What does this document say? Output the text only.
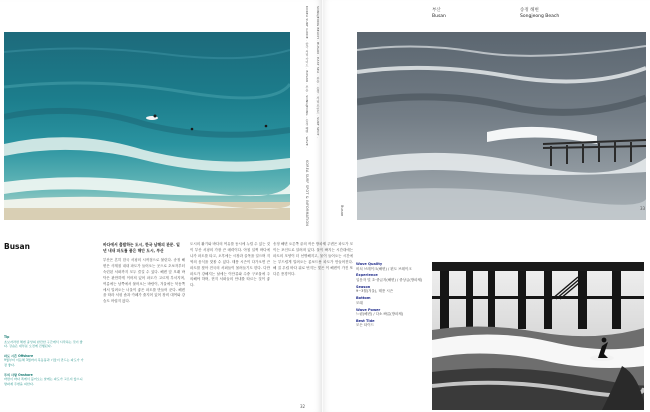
KOREA SURF GUIDE · 한국 서핑 가이드 · BUSAN · 부산 · SONGJEONG · 송정 해변 · WAVE · SONGJEONG BEACH · BUSAN · EAST SEA · 부산 · 송정 · 서핑 포인트 · SURF SPOT ·
KOREA SURF SPOT & INFORMATION	Busan
32
33
부산
Busan
송정 해변
Songjeong Beach
Busan	바다에서 출발하는 도시, 한국 남해의 관문. 일 년 내내 파도를 품은 해안 도시, 부산
부산은 흔히 한국 서핑의 시작점으로 불린다. 송정 해변은 사계절 내내 파도가 들어오는 곳으로 초보자부터 숙련된 서퍼까지 모두 즐길 수 있다. 해변 앞 모래 바닥은 완만하게 이어져 있어 파도가 고르게 부서지며, 여름에는 남쪽에서 불어오는 바람이, 겨울에는 북동쪽에서 밀려오는 너울이 좋은 파도를 만들어 준다. 해변을 따라 서핑 숍과 카페가 줄지어 있어 장비 대여와 강습도 어렵지 않다.
도시의 활기와 바다의 여유를 동시에 누릴 수 있는 것이 부산 서핑의 가장 큰 매력이다. 아침 일찍 바다에 나가 파도를 타고, 오후에는 시장과 골목을 걸으며 지역의 음식을 맛볼 수 있다. 태풍 시즌이 다가오면 큰 파도를 찾아 전국의 서퍼들이 몰려들기도 한다. 다만 파도가 강해지는 날에는 이안류와 수중 구조물에 주의해야 하며, 현지 서퍼들의 안내를 따르는 것이 좋다.
송정 해변 오른쪽 끝의 작은 방파제 주변은 파도가 모이는 포인트로 알려져 있다. 물이 빠지는 시간대에는 파도의 모양이 더 선명해지고, 물이 들어오는 시간에는 부드럽게 밀려오는 롱보드용 파도가 만들어진다. 해 질 무렵 바다 위로 번지는 빛은 이 해변이 가진 또 다른 풍경이다.
Tip
초보자라면 해변 중앙의 완만한 구간에서 시작하는 것이 좋다. 강습은 대부분 오전에 진행된다.
파도 시즌 Offshore
9월부터 이듬해 3월까지 북동풍과 너울이 만드는 파도가 가장 좋다.
주의 사항 Onshore
바람이 바다 쪽에서 불어오는 날에는 파도가 고르지 않으니 방파제 주변을 피한다.
Wave Quality
비치 브레이크(해변) / 편도 브레이크
Experience
입문자 및 초·중급자(해변) / 중상급(방파제)
Season
9~3월(겨울), 태풍 시즌
Bottom
모래
Wave Power
느림(해변) / 다소 빠름(방파제)
Best Tide
모든 타이드
